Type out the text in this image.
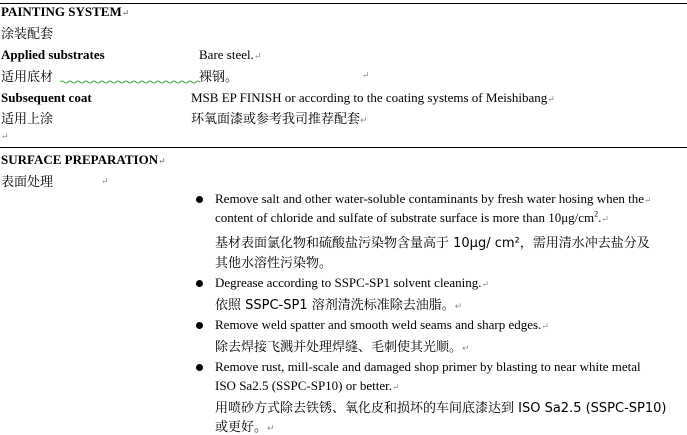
PAINTING SYSTEM↵
涂装配套
Applied substrates	Bare steel.↵
适用底材	裸钢。	↵
Subsequent coat	MSB EP FINISH or according to the coating systems of Meishibang↵
适用上涂	环氧面漆或参考我司推荐配套↵
↵
SURFACE PREPARATION↵
表面处理	↵
Remove salt and other water-soluble contaminants by fresh water hosing when the↵
content of chloride and sulfate of substrate surface is more than $10\mu g/cm^2.↵$
基材表面氯化物和硫酸盐污染物含量高于 10μg/ cm²，需用清水冲去盐分及
其他水溶性污染物。
Degrease according to SSPC-SP1 solvent cleaning.↵
依照 SSPC-SP1 溶剂清洗标准除去油脂。↵
Remove weld spatter and smooth weld seams and sharp edges.↵
除去焊接飞溅并处理焊缝、毛刺使其光顺。↵
Remove rust, mill-scale and damaged shop primer by blasting to near white metal
ISO Sa2.5 (SSPC-SP10) or better.↵
用喷砂方式除去铁锈、氧化皮和损坏的车间底漆达到 ISO Sa2.5 (SSPC-SP10)
或更好。↵
